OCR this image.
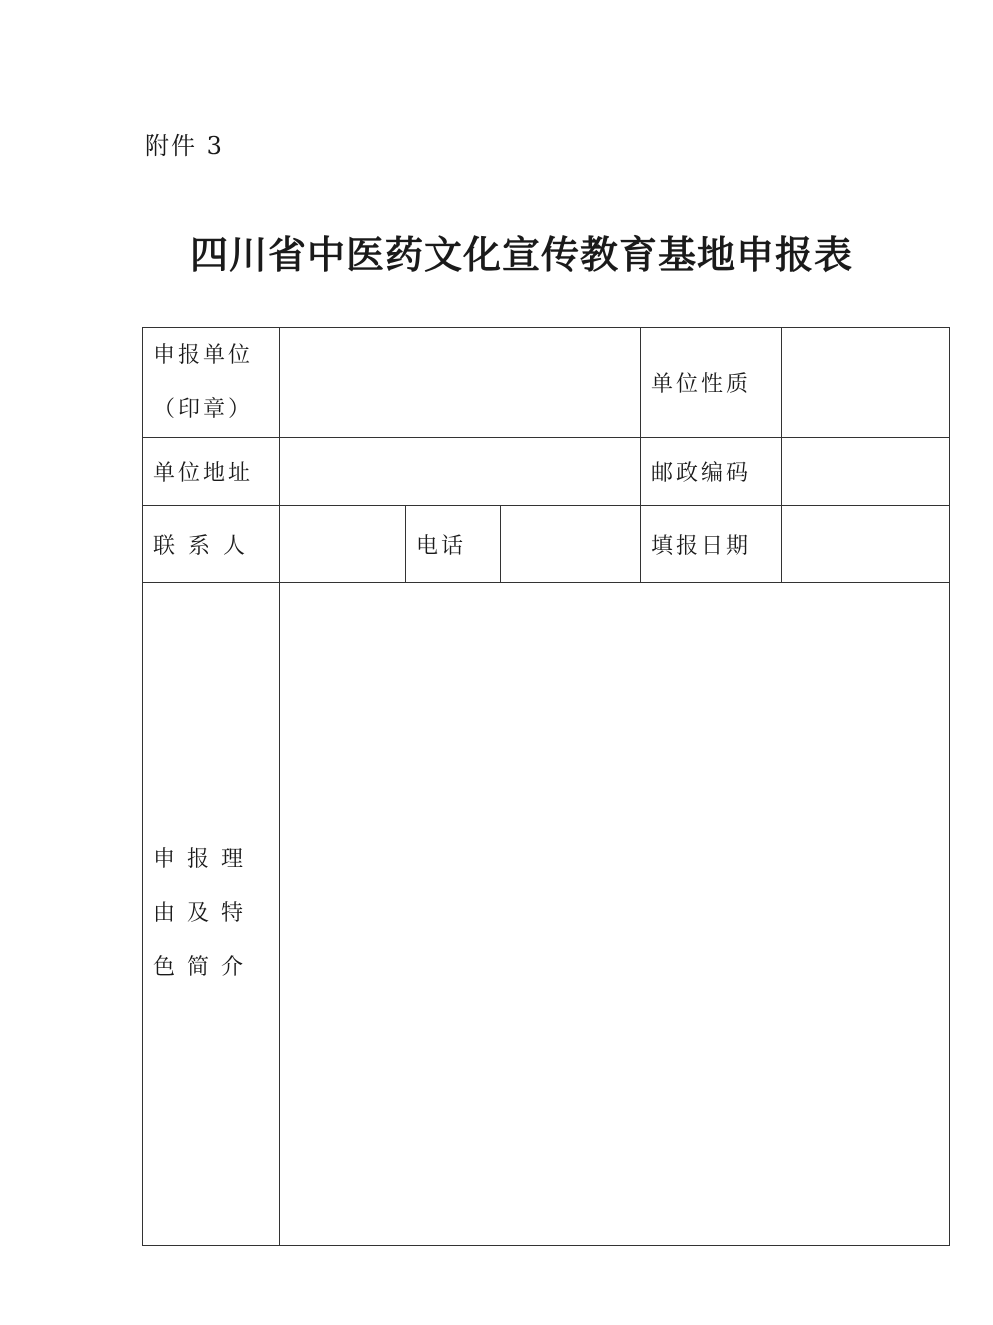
附件 3
四川省中医药文化宣传教育基地申报表
申报单位
（印章）				单位性质	
单位地址				邮政编码	
联 系 人		电话		填报日期	
申报理由及特色简介					
